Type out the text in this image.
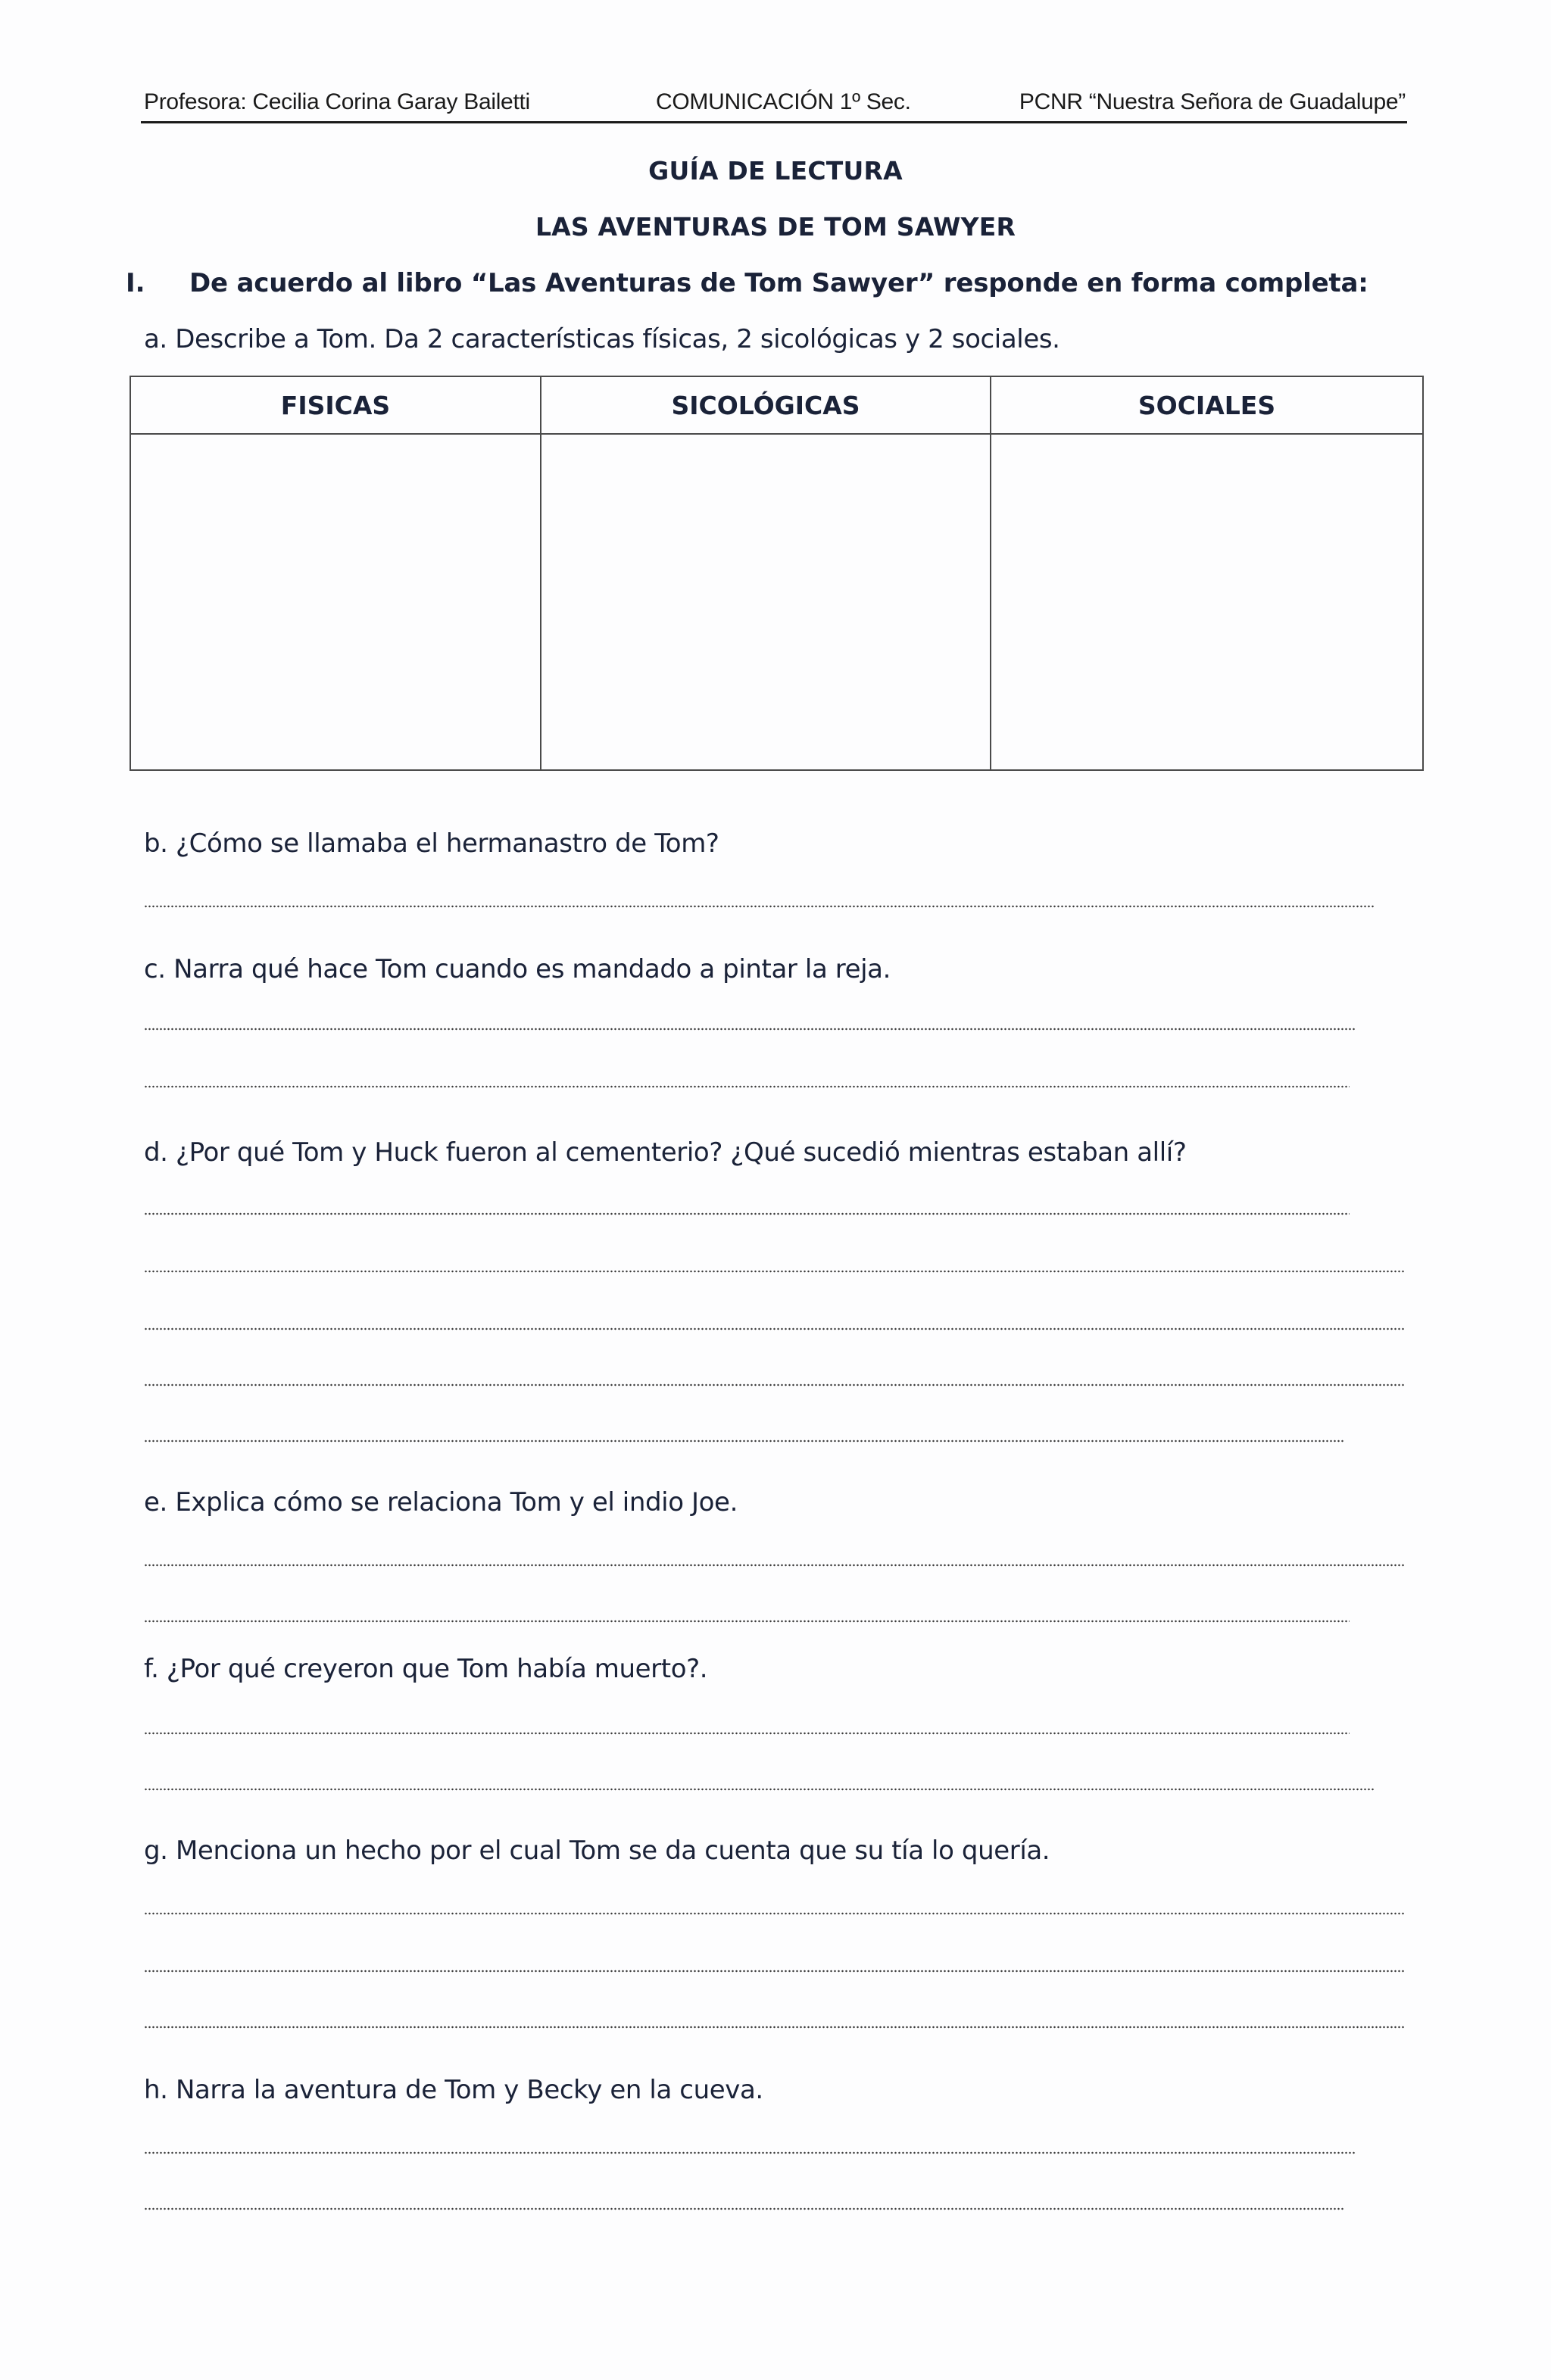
Profesora: Cecilia Corina Garay Bailetti	COMUNICACIÓN 1º Sec.	PCNR “Nuestra Señora de Guadalupe”
GUÍA DE LECTURA
LAS AVENTURAS DE TOM SAWYER
I. De acuerdo al libro “Las Aventuras de Tom Sawyer” responde en forma completa:
a. Describe a Tom. Da 2 características físicas, 2 sicológicas y 2 sociales.
FISICAS	SICOLÓGICAS	SOCIALES

b. ¿Cómo se llamaba el hermanastro de Tom?
c. Narra qué hace Tom cuando es mandado a pintar la reja.
d. ¿Por qué Tom y Huck fueron al cementerio? ¿Qué sucedió mientras estaban allí?
e. Explica cómo se relaciona Tom y el indio Joe.
f. ¿Por qué creyeron que Tom había muerto?.
g. Menciona un hecho por el cual Tom se da cuenta que su tía lo quería.
h. Narra la aventura de Tom y Becky en la cueva.
